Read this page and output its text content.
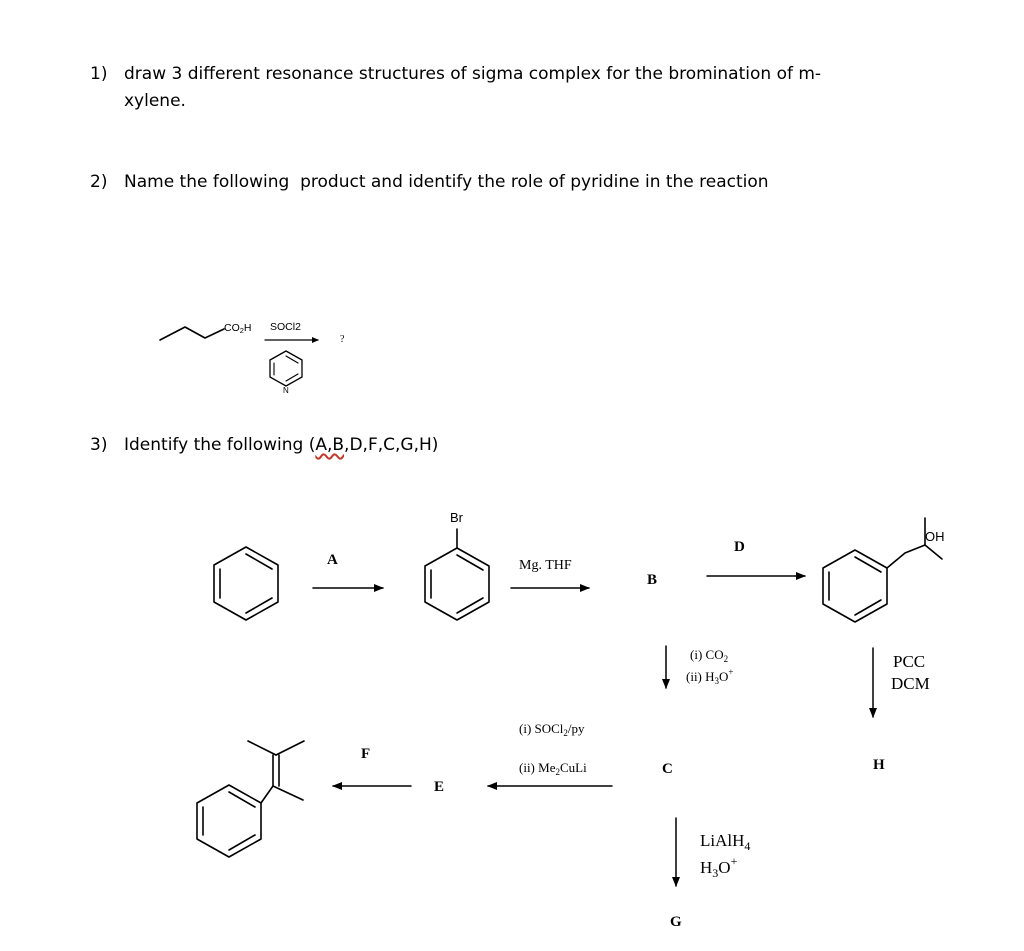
1) draw 3 different resonance structures of sigma complex for the bromination of m-
xylene.
2) Name the following  product and identify the role of pyridine in the reaction
3) Identify the following (A,B,D,F,C,G,H)
CO2H SOCl2
?
N
Br
OH
A	Mg. THF
B
D
(i) $CO_2$
(ii) $H_3O^+$
PCC
DCM
(i) SOCl$_2$/py
(ii) $Me_2CuLi$	C	H
F
E
LiAlH$_4$
$H_3O^+$
G
